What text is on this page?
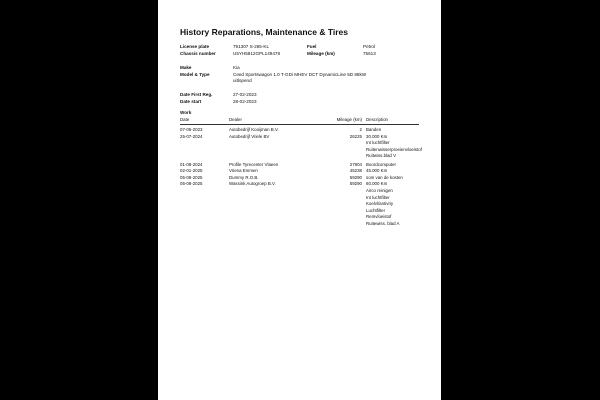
History Reparations, Maintenance & Tires
License plate	791307 S-265-KL	Fuel	Petrol
Chassis number	U5YH5812GPL149478	Mileage (km)	75613
Make	Kia
Model & Type	Ceed Sportswagon 1.0 T-GDi MHEV DCT DynamicLine 5D 88kW
uitlopend
Date First Reg.	27-02-2023
Date start	28-02-2023
Work
Date	Dealer	Mileage (km) Description
07-06-2023	Autobedrijf Kooijman B.V.	2 Banden
25-07-2024	Autobedrijf Vriele BV	26225 30.000 Km
Int luchtfilter
Ruitenwisserproeienvloeistof
Ruitwiss.blad V
01-08-2024	Profile Tyrecenter Vlaeen	27804 Boordcomputer
02-01-2025	Vriena Emmen	45238 45.000 Km
05-08-2025	Dummy R.O.B.	59290 som van de kosten
05-08-2025	Wassink Autogroep B.V.	59290 60.000 Km
Airco reinigen
Int luchtfilter
Koelvl/antivriy
Luchtfilter
Remvloeistof
Ruitewiss. blad A
